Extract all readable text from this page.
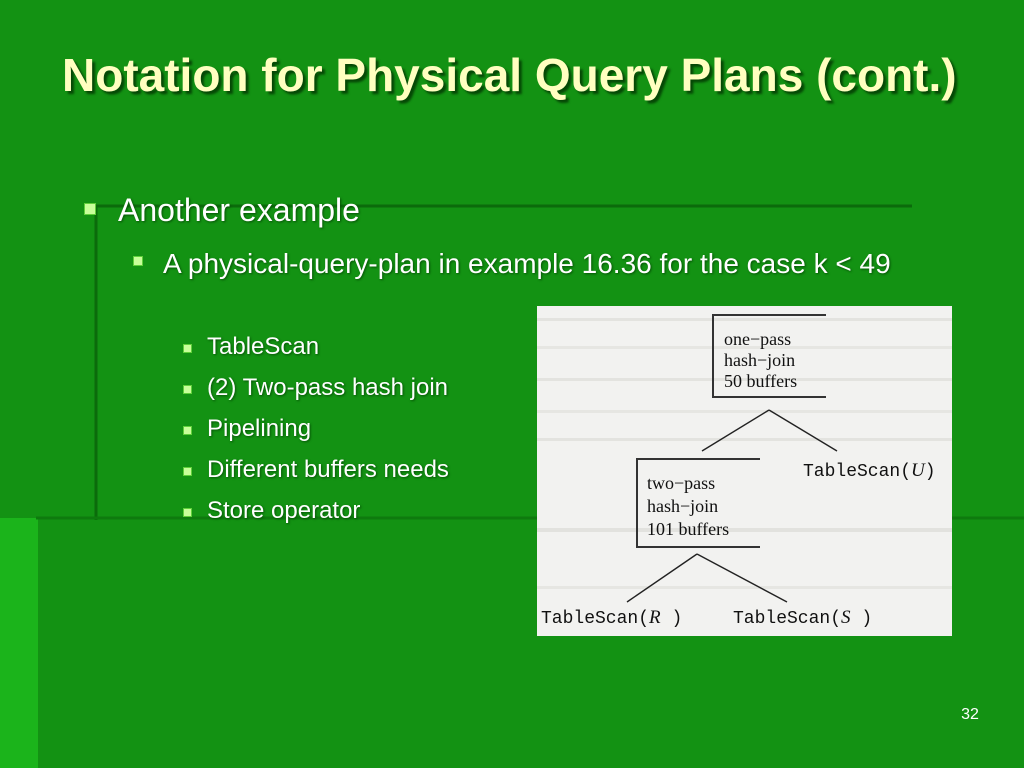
Notation for Physical Query Plans (cont.)
Another example
A physical-query-plan in example 16.36 for the case k < 49
TableScan
(2) Two-pass hash join
Pipelining
Different buffers needs
Store operator
one−pass
hash−join
50 buffers
two−pass
hash−join
101 buffers
TableScan(U)
TableScan(R )	TableScan(S )
32
